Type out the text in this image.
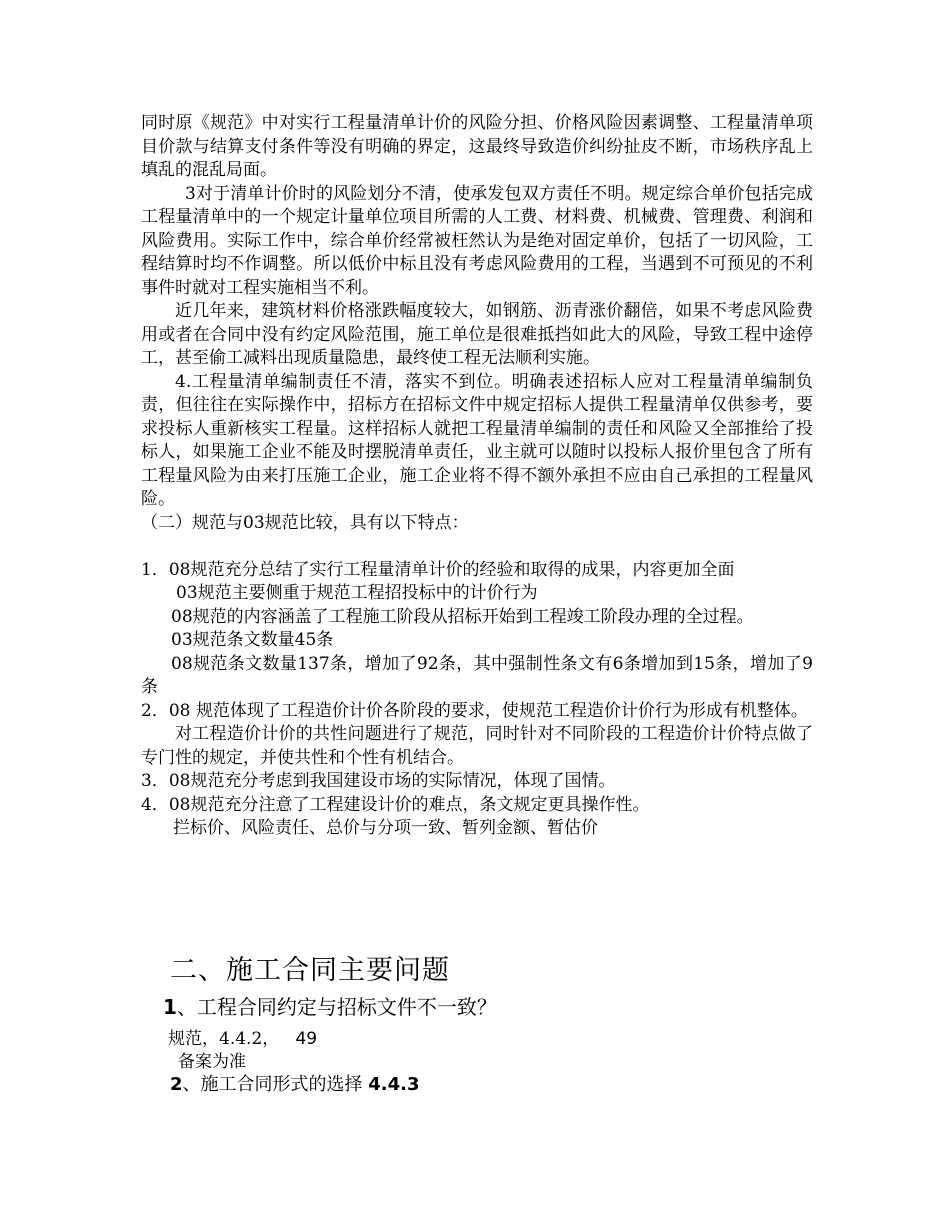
同时原《规范》中对实行工程量清单计价的风险分担、价格风险因素调整、工程量清单项目价款与结算支付条件等没有明确的界定，这最终导致造价纠纷扯皮不断，市场秩序乱上填乱的混乱局面。

3对于清单计价时的风险划分不清，使承发包双方责任不明。规定综合单价包括完成工程量清单中的一个规定计量单位项目所需的人工费、材料费、机械费、管理费、利润和风险费用。实际工作中，综合单价经常被枉然认为是绝对固定单价，包括了一切风险，工程结算时均不作调整。所以低价中标且没有考虑风险费用的工程，当遇到不可预见的不利事件时就对工程实施相当不利。

近几年来，建筑材料价格涨跌幅度较大，如钢筋、沥青涨价翻倍，如果不考虑风险费用或者在合同中没有约定风险范围，施工单位是很难抵挡如此大的风险，导致工程中途停工，甚至偷工减料出现质量隐患，最终使工程无法顺利实施。

4.工程量清单编制责任不清，落实不到位。明确表述招标人应对工程量清单编制负责，但往往在实际操作中，招标方在招标文件中规定招标人提供工程量清单仅供参考，要求投标人重新核实工程量。这样招标人就把工程量清单编制的责任和风险又全部推给了投标人，如果施工企业不能及时摆脱清单责任，业主就可以随时以投标人报价里包含了所有工程量风险为由来打压施工企业，施工企业将不得不额外承担不应由自己承担的工程量风险。

（二）规范与03规范比较，具有以下特点：

1．08规范充分总结了实行工程量清单计价的经验和取得的成果，内容更加全面

03规范主要侧重于规范工程招投标中的计价行为

08规范的内容涵盖了工程施工阶段从招标开始到工程竣工阶段办理的全过程。

03规范条文数量45条

08规范条文数量137条，增加了92条，其中强制性条文有6条增加到15条，增加了9条

2．08 规范体现了工程造价计价各阶段的要求，使规范工程造价计价行为形成有机整体。

对工程造价计价的共性问题进行了规范，同时针对不同阶段的工程造价计价特点做了专门性的规定，并使共性和个性有机结合。

3．08规范充分考虑到我国建设市场的实际情况，体现了国情。

4．08规范充分注意了工程建设计价的难点，条文规定更具操作性。

拦标价、风险责任、总价与分项一致、暂列金额、暂估价

二、施工合同主要问题
1、工程合同约定与招标文件不一致？
规范，4.4.2， 49
备案为准
2、施工合同形式的选择 4.4.3
